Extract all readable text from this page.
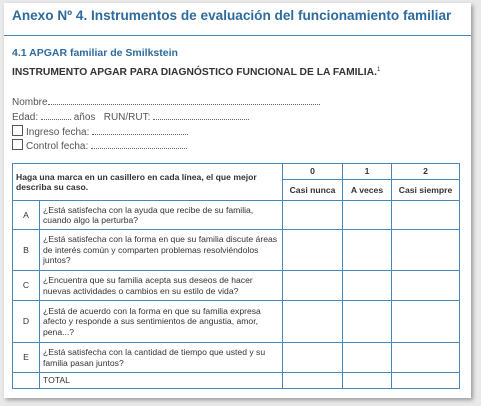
Anexo Nº 4. Instrumentos de evaluación del funcionamiento familiar
4.1 APGAR familiar de Smilkstein
INSTRUMENTO APGAR PARA DIAGNÓSTICO FUNCIONAL DE LA FAMILIA.$^1$
Nombre
Edad:	años RUN/RUT:
Ingreso fecha:
Control fecha:
Haga una marca en un casillero en cada línea, el que mejor describa su caso.		0	1	2
		Casi nunca	A veces	Casi siempre
A	¿Está satisfecha con la ayuda que recibe de su familia, cuando algo la perturba?			
B	¿Está satisfecha con la forma en que su familia discute áreas de interés común y comparten problemas resolviéndolos juntos?			
C	¿Encuentra que su familia acepta sus deseos de hacer nuevas actividades o cambios en su estilo de vida?			
D	¿Está de acuerdo con la forma en que su familia expresa afecto y responde a sus sentimientos de angustia, amor, pena...?			
E	¿Está satisfecha con la cantidad de tiempo que usted y su familia pasan juntos?			
	TOTAL			
